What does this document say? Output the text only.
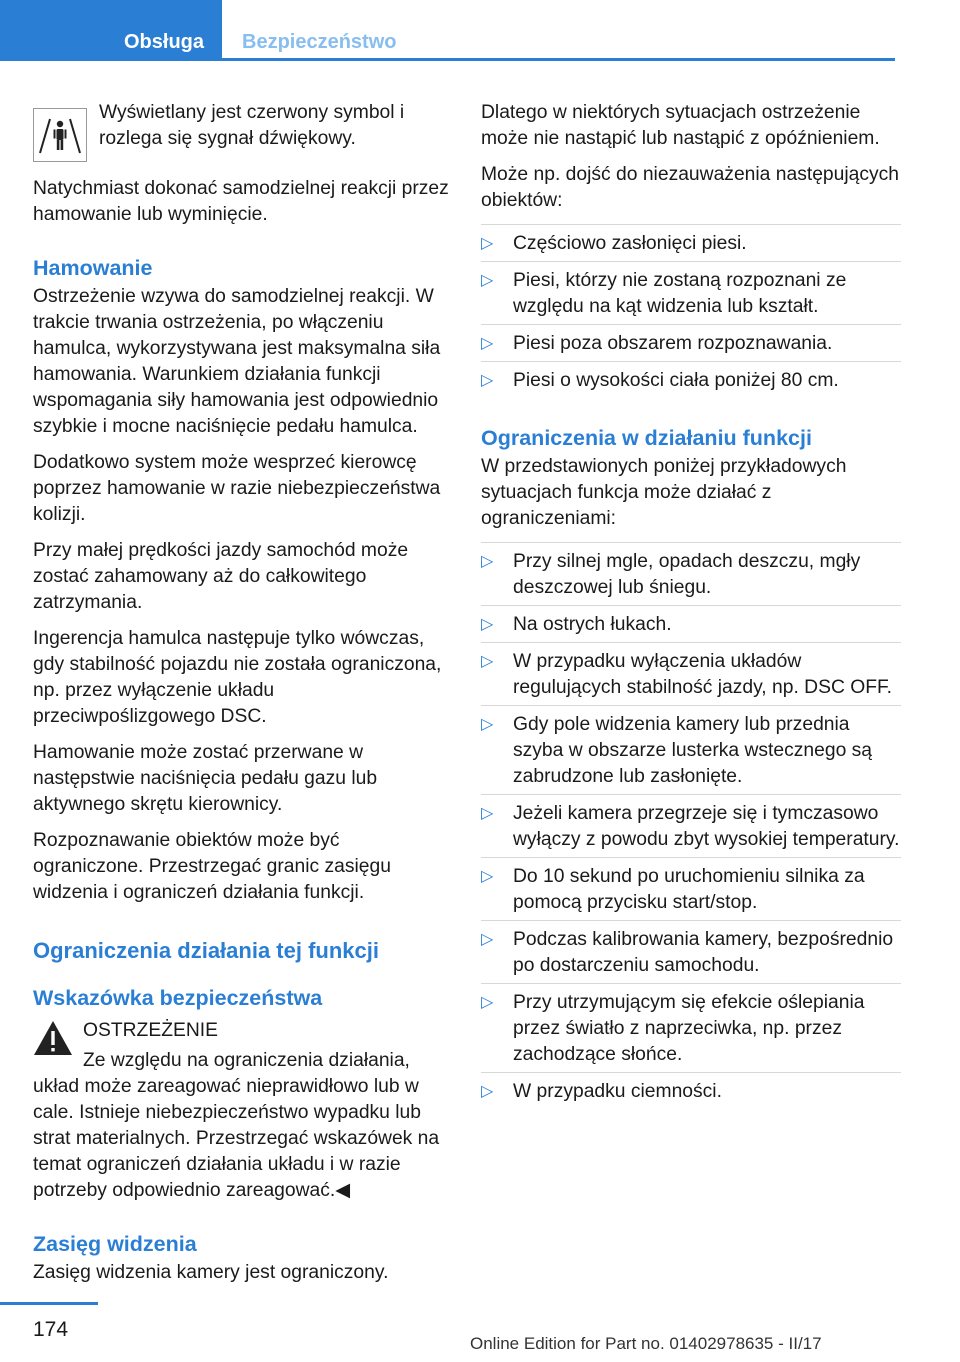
Obsługa	Bezpieczeństwo
Wyświetlany jest czerwony symbol i rozlega się sygnał dźwiękowy.

Natychmiast dokonać samodzielnej reakcji przez hamowanie lub wyminięcie.

Hamowanie

Ostrzeżenie wzywa do samodzielnej reakcji. W trakcie trwania ostrzeżenia, po włączeniu hamulca, wykorzystywana jest maksymalna siła hamowania. Warunkiem działania funkcji wspomagania siły hamowania jest odpowiednio szybkie i mocne naciśnięcie pedału hamulca.

Dodatkowo system może wesprzeć kierowcę poprzez hamowanie w razie niebezpieczeństwa kolizji.

Przy małej prędkości jazdy samochód może zostać zahamowany aż do całkowitego zatrzymania.

Ingerencja hamulca następuje tylko wówczas, gdy stabilność pojazdu nie została ograniczona, np. przez wyłączenie układu przeciwpoślizgowego DSC.

Hamowanie może zostać przerwane w następstwie naciśnięcia pedału gazu lub aktywnego skrętu kierownicy.

Rozpoznawanie obiektów może być ograniczone. Przestrzegać granic zasięgu widzenia i ograniczeń działania funkcji.

Ograniczenia działania tej funkcji
Wskazówka bezpieczeństwa

OSTRZEŻENIE

Ze względu na ograniczenia działania,

układ może zareagować nieprawidłowo lub w cale. Istnieje niebezpieczeństwo wypadku lub strat materialnych. Przestrzegać wskazówek na temat ograniczeń działania układu i w razie potrzeby odpowiednio zareagować.◀

Zasięg widzenia

Zasięg widzenia kamery jest ograniczony.

Dlatego w niektórych sytuacjach ostrzeżenie może nie nastąpić lub nastąpić z opóźnieniem.

Może np. dojść do niezauważenia następujących obiektów:

▷ Częściowo zasłonięci piesi.
▷ Piesi, którzy nie zostaną rozpoznani ze względu na kąt widzenia lub kształt.
▷ Piesi poza obszarem rozpoznawania.
▷ Piesi o wysokości ciała poniżej 80 cm.
Ograniczenia w działaniu funkcji

W przedstawionych poniżej przykładowych sytuacjach funkcja może działać z ograniczeniami:

▷ Przy silnej mgle, opadach deszczu, mgły deszczowej lub śniegu.
▷ Na ostrych łukach.
▷ W przypadku wyłączenia układów regulujących stabilność jazdy, np. DSC OFF.
▷ Gdy pole widzenia kamery lub przednia szyba w obszarze lusterka wstecznego są zabrudzone lub zasłonięte.
▷ Jeżeli kamera przegrzeje się i tymczasowo wyłączy z powodu zbyt wysokiej temperatury.
▷ Do 10 sekund po uruchomieniu silnika za pomocą przycisku start/stop.
▷ Podczas kalibrowania kamery, bezpośrednio po dostarczeniu samochodu.
▷ Przy utrzymującym się efekcie oślepiania przez światło z naprzeciwka, np. przez zachodzące słońce.
▷ W przypadku ciemności.
174
Online Edition for Part no. 01402978635 - II/17
